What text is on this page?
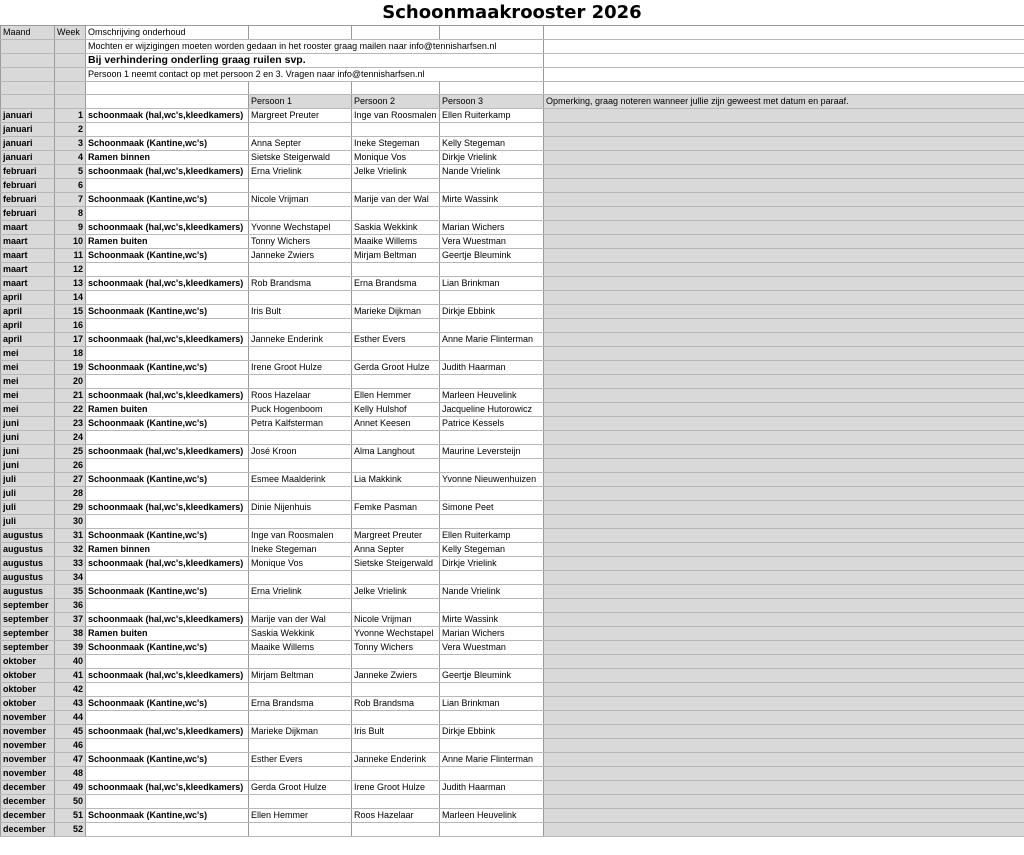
Schoonmaakrooster 2026
Maand	Week	Omschrijving onderhoud				
		Mochten er wijzigingen moeten worden gedaan in het rooster graag mailen naar info@tennisharfsen.nl				
		Bij verhindering onderling graag ruilen svp.				
		Persoon 1 neemt contact op met persoon 2 en 3. Vragen naar info@tennisharfsen.nl				

			Persoon 1	Persoon 2	Persoon 3	Opmerking, graag noteren wanneer jullie zijn geweest met datum en paraaf.
januari	1	schoonmaak (hal,wc's,kleedkamers)	Margreet Preuter	Inge van Roosmalen	Ellen Ruiterkamp	
januari	2					
januari	3	Schoonmaak (Kantine,wc's)	Anna Septer	Ineke Stegeman	Kelly Stegeman	
januari	4	Ramen binnen	Sietske Steigerwald	Monique Vos	Dirkje Vrielink	
februari	5	schoonmaak (hal,wc's,kleedkamers)	Erna Vrielink	Jelke Vrielink	Nande Vrielink	
februari	6					
februari	7	Schoonmaak (Kantine,wc's)	Nicole Vrijman	Marije van der Wal	Mirte Wassink	
februari	8					
maart	9	schoonmaak (hal,wc's,kleedkamers)	Yvonne Wechstapel	Saskia Wekkink	Marian Wichers	
maart	10	Ramen buiten	Tonny Wichers	Maaike Willems	Vera Wuestman	
maart	11	Schoonmaak (Kantine,wc's)	Janneke Zwiers	Mirjam Beltman	Geertje Bleumink	
maart	12					
maart	13	schoonmaak (hal,wc's,kleedkamers)	Rob Brandsma	Erna Brandsma	Lian Brinkman	
april	14					
april	15	Schoonmaak (Kantine,wc's)	Iris Bult	Marieke Dijkman	Dirkje Ebbink	
april	16					
april	17	schoonmaak (hal,wc's,kleedkamers)	Janneke Enderink	Esther Evers	Anne Marie Flinterman	
mei	18					
mei	19	Schoonmaak (Kantine,wc's)	Irene Groot Hulze	Gerda Groot Hulze	Judith Haarman	
mei	20					
mei	21	schoonmaak (hal,wc's,kleedkamers)	Roos Hazelaar	Ellen Hemmer	Marleen Heuvelink	
mei	22	Ramen buiten	Puck Hogenboom	Kelly Hulshof	Jacqueline Hutorowicz	
juni	23	Schoonmaak (Kantine,wc's)	Petra Kalfsterman	Annet Keesen	Patrice Kessels	
juni	24					
juni	25	schoonmaak (hal,wc's,kleedkamers)	José Kroon	Alma Langhout	Maurine Leversteijn	
juni	26					
juli	27	Schoonmaak (Kantine,wc's)	Esmee Maalderink	Lia Makkink	Yvonne Nieuwenhuizen	
juli	28					
juli	29	schoonmaak (hal,wc's,kleedkamers)	Dinie Nijenhuis	Femke Pasman	Simone Peet	
juli	30					
augustus	31	Schoonmaak (Kantine,wc's)	Inge van Roosmalen	Margreet Preuter	Ellen Ruiterkamp	
augustus	32	Ramen binnen	Ineke Stegeman	Anna Septer	Kelly Stegeman	
augustus	33	schoonmaak (hal,wc's,kleedkamers)	Monique Vos	Sietske Steigerwald	Dirkje Vrielink	
augustus	34					
augustus	35	Schoonmaak (Kantine,wc's)	Erna Vrielink	Jelke Vrielink	Nande Vrielink	
september	36					
september	37	schoonmaak (hal,wc's,kleedkamers)	Marije van der Wal	Nicole Vrijman	Mirte Wassink	
september	38	Ramen buiten	Saskia Wekkink	Yvonne Wechstapel	Marian Wichers	
september	39	Schoonmaak (Kantine,wc's)	Maaike Willems	Tonny Wichers	Vera Wuestman	
oktober	40					
oktober	41	schoonmaak (hal,wc's,kleedkamers)	Mirjam Beltman	Janneke Zwiers	Geertje Bleumink	
oktober	42					
oktober	43	Schoonmaak (Kantine,wc's)	Erna Brandsma	Rob Brandsma	Lian Brinkman	
november	44					
november	45	schoonmaak (hal,wc's,kleedkamers)	Marieke Dijkman	Iris Bult	Dirkje Ebbink	
november	46					
november	47	Schoonmaak (Kantine,wc's)	Esther Evers	Janneke Enderink	Anne Marie Flinterman	
november	48					
december	49	schoonmaak (hal,wc's,kleedkamers)	Gerda Groot Hulze	Irene Groot Hulze	Judith Haarman	
december	50					
december	51	Schoonmaak (Kantine,wc's)	Ellen Hemmer	Roos Hazelaar	Marleen Heuvelink	
december	52					
